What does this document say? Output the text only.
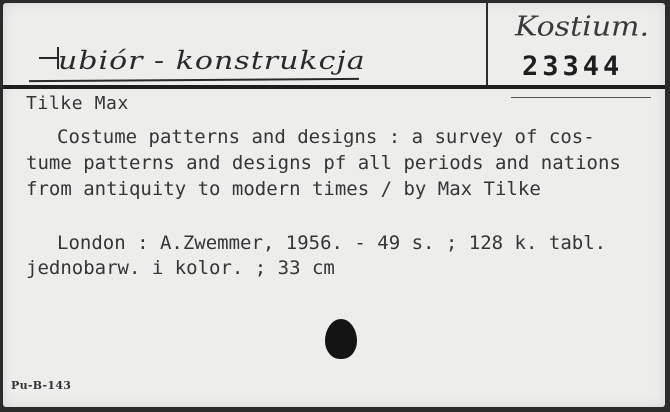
ubiór - konstrukcja
Kostium.
23344
Tilke Max
Costume patterns and designs : a survey of cos-
tume patterns and designs pf all periods and nations
from antiquity to modern times / by Max Tilke
London : A.Zwemmer, 1956. - 49 s. ; 128 k. tabl.
jednobarw. i kolor. ; 33 cm
Pu-B-143
